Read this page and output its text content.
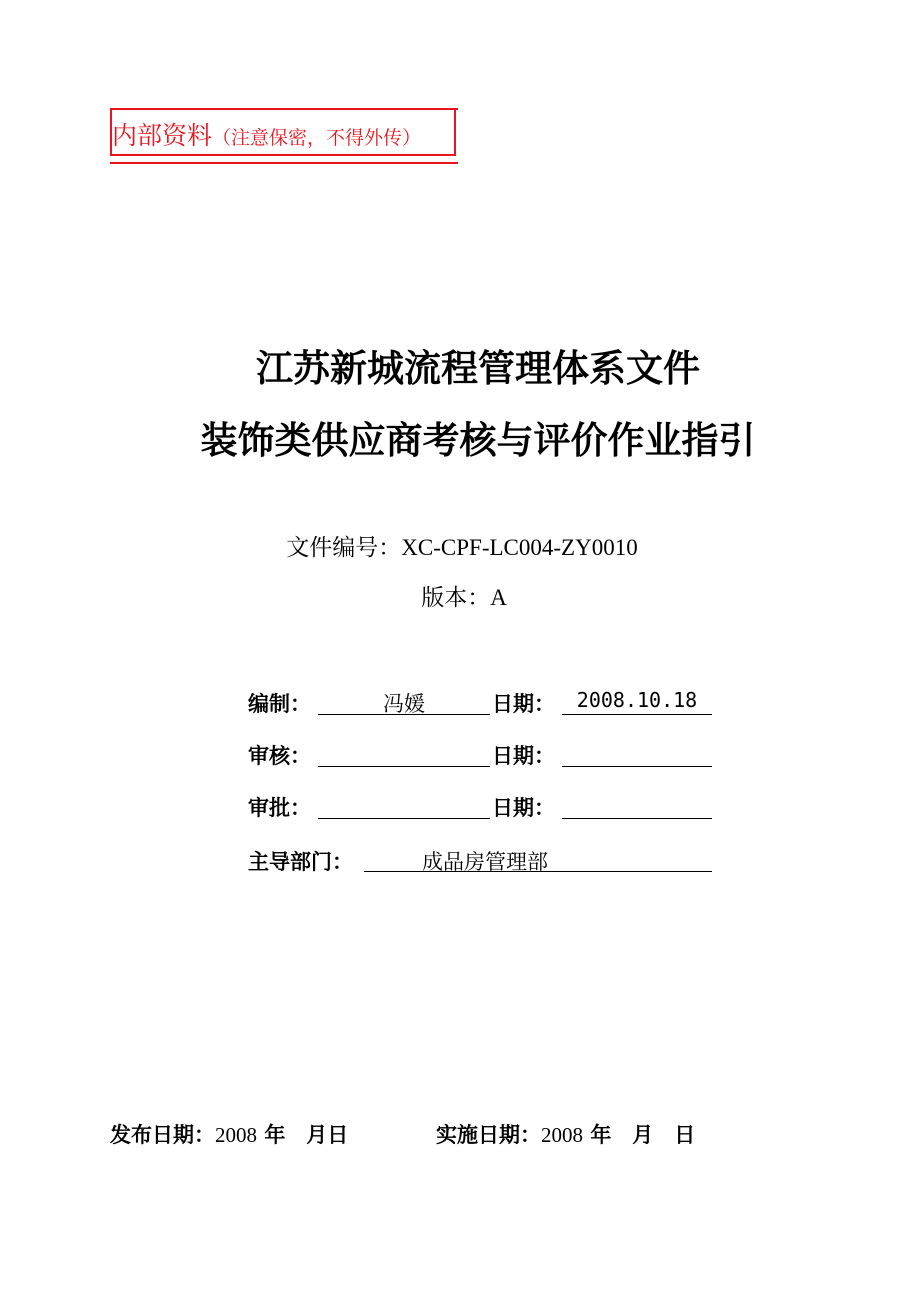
内部资料（注意保密，不得外传）
江苏新城流程管理体系文件
装饰类供应商考核与评价作业指引
文件编号：XC-CPF-LC004-ZY0010
版本：A
编制：	冯媛	日期：	2008.10.18
审核：	日期：
审批：	日期：
主导部门：	成品房管理部
发布日期：2008 年　月日	实施日期：2008 年　月　日
